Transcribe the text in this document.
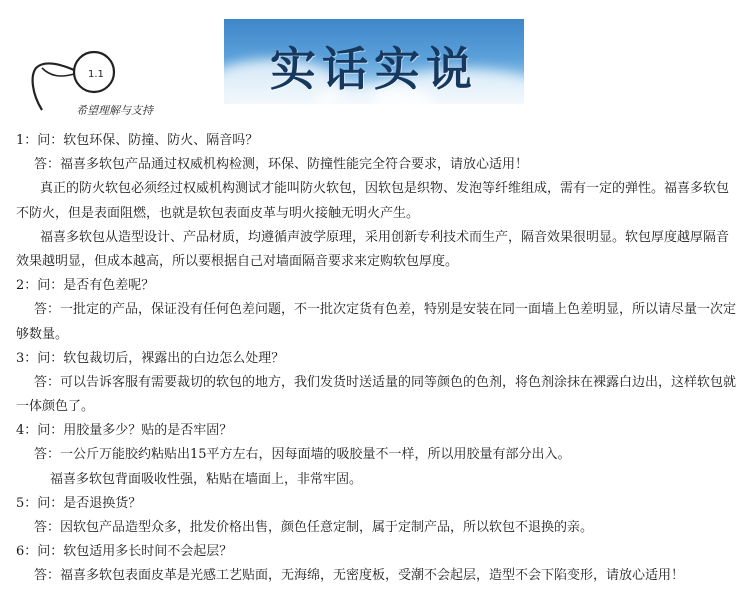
1.1
希望理解与支持
实话实说
1：问：软包环保、防撞、防火、隔音吗？
答：福喜多软包产品通过权威机构检测，环保、防撞性能完全符合要求，请放心适用！
真正的防火软包必须经过权威机构测试才能叫防火软包，因软包是织物、发泡等纤维组成，需有一定的弹性。福喜多软包
不防火，但是表面阻燃，也就是软包表面皮革与明火接触无明火产生。
福喜多软包从造型设计、产品材质，均遵循声波学原理，采用创新专利技术而生产，隔音效果很明显。软包厚度越厚隔音
效果越明显，但成本越高，所以要根据自己对墙面隔音要求来定购软包厚度。
2：问：是否有色差呢？
答：一批定的产品，保证没有任何色差问题，不一批次定货有色差，特别是安装在同一面墙上色差明显，所以请尽量一次定
够数量。
3：问：软包裁切后，裸露出的白边怎么处理？
答：可以告诉客服有需要裁切的软包的地方，我们发货时送适量的同等颜色的色剂，将色剂涂抹在裸露白边出，这样软包就
一体颜色了。
4：问：用胶量多少？贴的是否牢固？
答：一公斤万能胶约粘贴出15平方左右，因每面墙的吸胶量不一样，所以用胶量有部分出入。
福喜多软包背面吸收性强，粘贴在墙面上，非常牢固。
5：问：是否退换货？
答：因软包产品造型众多，批发价格出售，颜色任意定制，属于定制产品，所以软包不退换的亲。
6：问：软包适用多长时间不会起层？
答：福喜多软包表面皮革是光感工艺贴面，无海绵，无密度板，受潮不会起层，造型不会下陷变形，请放心适用！
